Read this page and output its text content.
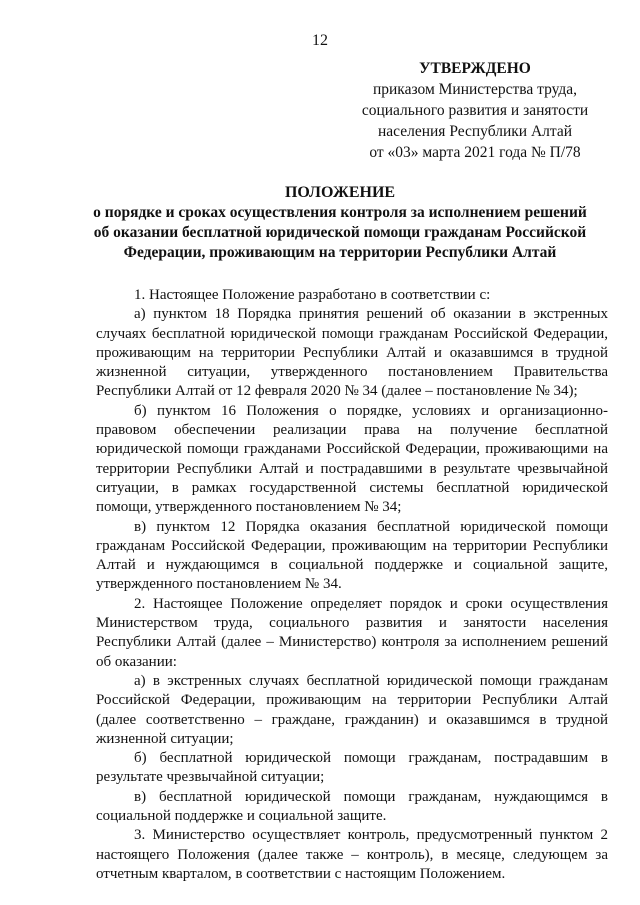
12
УТВЕРЖДЕНО
приказом Министерства труда,
социального развития и занятости
населения Республики Алтай
от «03» марта 2021 года № П/78
ПОЛОЖЕНИЕ
о порядке и сроках осуществления контроля за исполнением решений
об оказании бесплатной юридической помощи гражданам Российской
Федерации, проживающим на территории Республики Алтай

1. Настоящее Положение разработано в соответствии с:

а) пунктом 18 Порядка принятия решений об оказании в экстренных случаях бесплатной юридической помощи гражданам Российской Федерации, проживающим на территории Республики Алтай и оказавшимся в трудной жизненной ситуации, утвержденного постановлением Правительства Республики Алтай от 12 февраля 2020 № 34 (далее – постановление № 34);

б) пунктом 16 Положения о порядке, условиях и организационно-правовом обеспечении реализации права на получение бесплатной юридической помощи гражданами Российской Федерации, проживающими на территории Республики Алтай и пострадавшими в результате чрезвычайной ситуации, в рамках государственной системы бесплатной юридической помощи, утвержденного постановлением № 34;

в) пунктом 12 Порядка оказания бесплатной юридической помощи гражданам Российской Федерации, проживающим на территории Республики Алтай и нуждающимся в социальной поддержке и социальной защите, утвержденного постановлением № 34.

2. Настоящее Положение определяет порядок и сроки осуществления Министерством труда, социального развития и занятости населения Республики Алтай (далее – Министерство) контроля за исполнением решений об оказании:

а) в экстренных случаях бесплатной юридической помощи гражданам Российской Федерации, проживающим на территории Республики Алтай (далее соответственно – граждане, гражданин) и оказавшимся в трудной жизненной ситуации;

б) бесплатной юридической помощи гражданам, пострадавшим в результате чрезвычайной ситуации;

в) бесплатной юридической помощи гражданам, нуждающимся в социальной поддержке и социальной защите.

3. Министерство осуществляет контроль, предусмотренный пунктом 2 настоящего Положения (далее также – контроль), в месяце, следующем за отчетным кварталом, в соответствии с настоящим Положением.
